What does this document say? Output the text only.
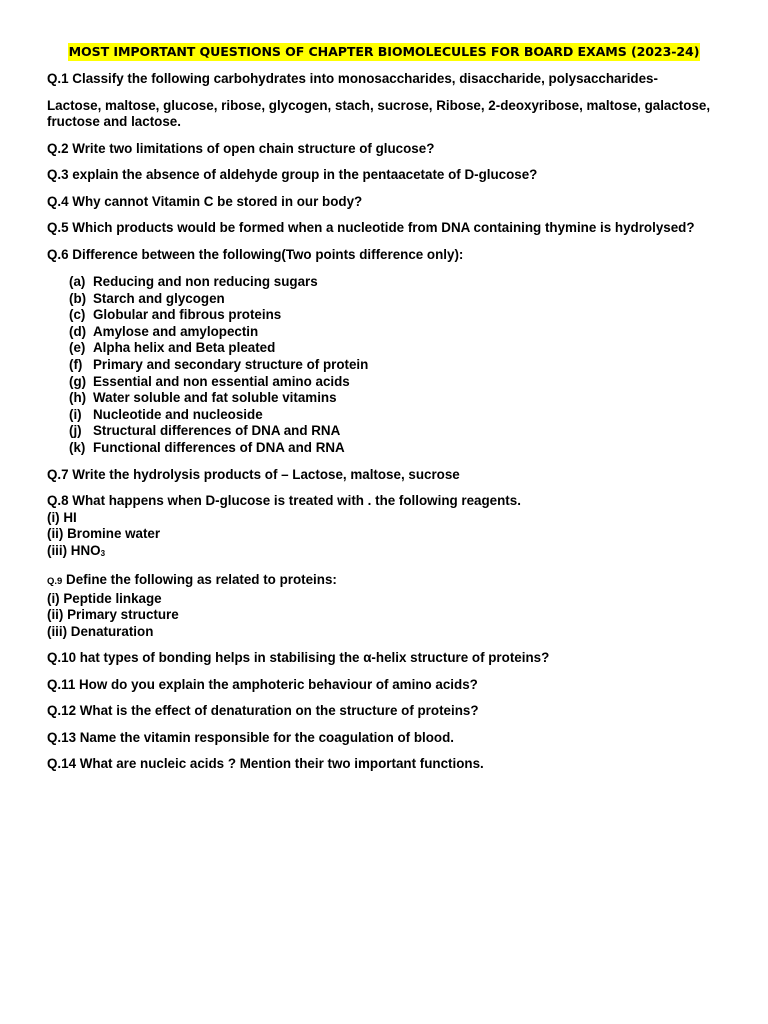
MOST IMPORTANT QUESTIONS OF CHAPTER BIOMOLECULES FOR BOARD EXAMS (2023-24)

Q.1 Classify the following carbohydrates into monosaccharides, disaccharide, polysaccharides-

Lactose, maltose, glucose, ribose, glycogen, stach, sucrose, Ribose, 2-deoxyribose, maltose, galactose, fructose and lactose.

Q.2 Write two limitations of open chain structure of glucose?

Q.3 explain the absence of aldehyde group in the pentaacetate of D-glucose?

Q.4 Why cannot Vitamin C be stored in our body?

Q.5 Which products would be formed when a nucleotide from DNA containing thymine is hydrolysed?

Q.6 Difference between the following(Two points difference only):

(a) Reducing and non reducing sugars
(b) Starch and glycogen
(c) Globular and fibrous proteins
(d) Amylose and amylopectin
(e) Alpha helix and Beta pleated
(f) Primary and secondary structure of protein
(g) Essential and non essential amino acids
(h) Water soluble and fat soluble vitamins
(i) Nucleotide and nucleoside
(j) Structural differences of DNA and RNA
(k) Functional differences of DNA and RNA

Q.7 Write the hydrolysis products of – Lactose, maltose, sucrose

Q.8 What happens when D-glucose is treated with . the following reagents.

(i) HI
(ii) Bromine water
(iii) $HNO_3$

Q.9 Define the following as related to proteins:

(i) Peptide linkage
(ii) Primary structure
(iii) Denaturation

Q.10 hat types of bonding helps in stabilising the α-helix structure of proteins?

Q.11 How do you explain the amphoteric behaviour of amino acids?

Q.12 What is the effect of denaturation on the structure of proteins?

Q.13 Name the vitamin responsible for the coagulation of blood.

Q.14 What are nucleic acids ? Mention their two important functions.
